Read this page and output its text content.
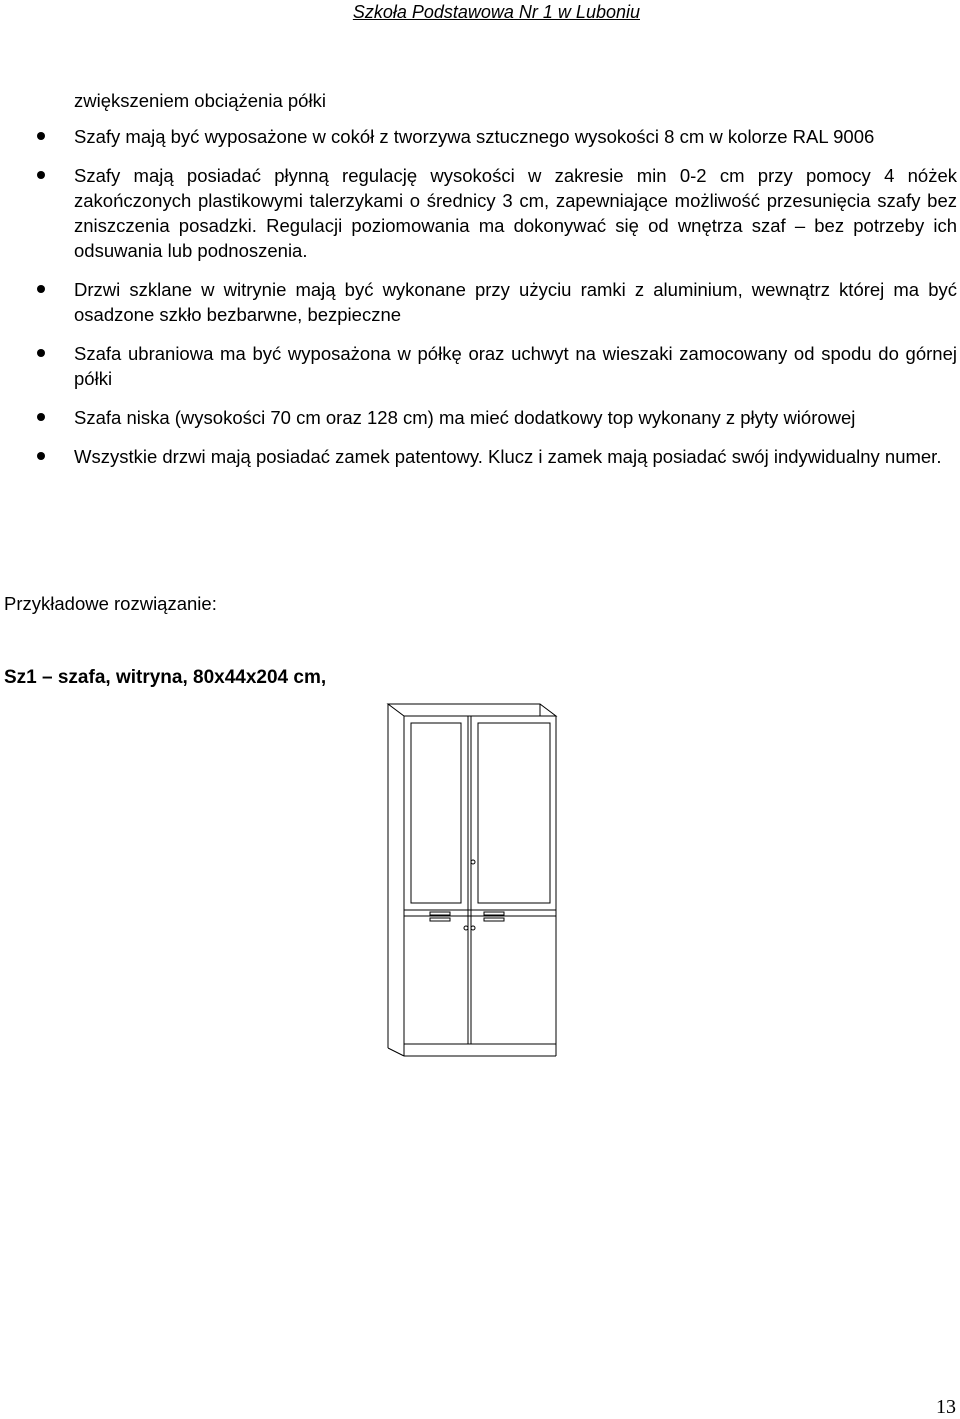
Szkoła Podstawowa Nr 1 w Luboniu
zwiększeniem obciążenia półki
Szafy mają być wyposażone w cokół z tworzywa sztucznego wysokości 8 cm w kolorze RAL 9006
Szafy mają posiadać płynną regulację wysokości w zakresie min 0-2 cm przy pomocy 4 nóżek zakończonych plastikowymi talerzykami o średnicy 3 cm, zapewniające możliwość przesunięcia szafy bez zniszczenia posadzki. Regulacji poziomowania ma dokonywać się od wnętrza szaf – bez potrzeby ich odsuwania lub podnoszenia.
Drzwi szklane w witrynie mają być wykonane przy użyciu ramki z aluminium, wewnątrz której ma być osadzone szkło bezbarwne, bezpieczne
Szafa ubraniowa ma być wyposażona w półkę oraz uchwyt na wieszaki zamocowany od spodu do górnej półki
Szafa niska (wysokości 70 cm oraz 128 cm) ma mieć dodatkowy top wykonany z płyty wiórowej
Wszystkie drzwi mają posiadać zamek patentowy. Klucz i zamek mają posiadać swój indywidualny numer.
Przykładowe rozwiązanie:
Sz1 – szafa, witryna, 80x44x204 cm,
13
